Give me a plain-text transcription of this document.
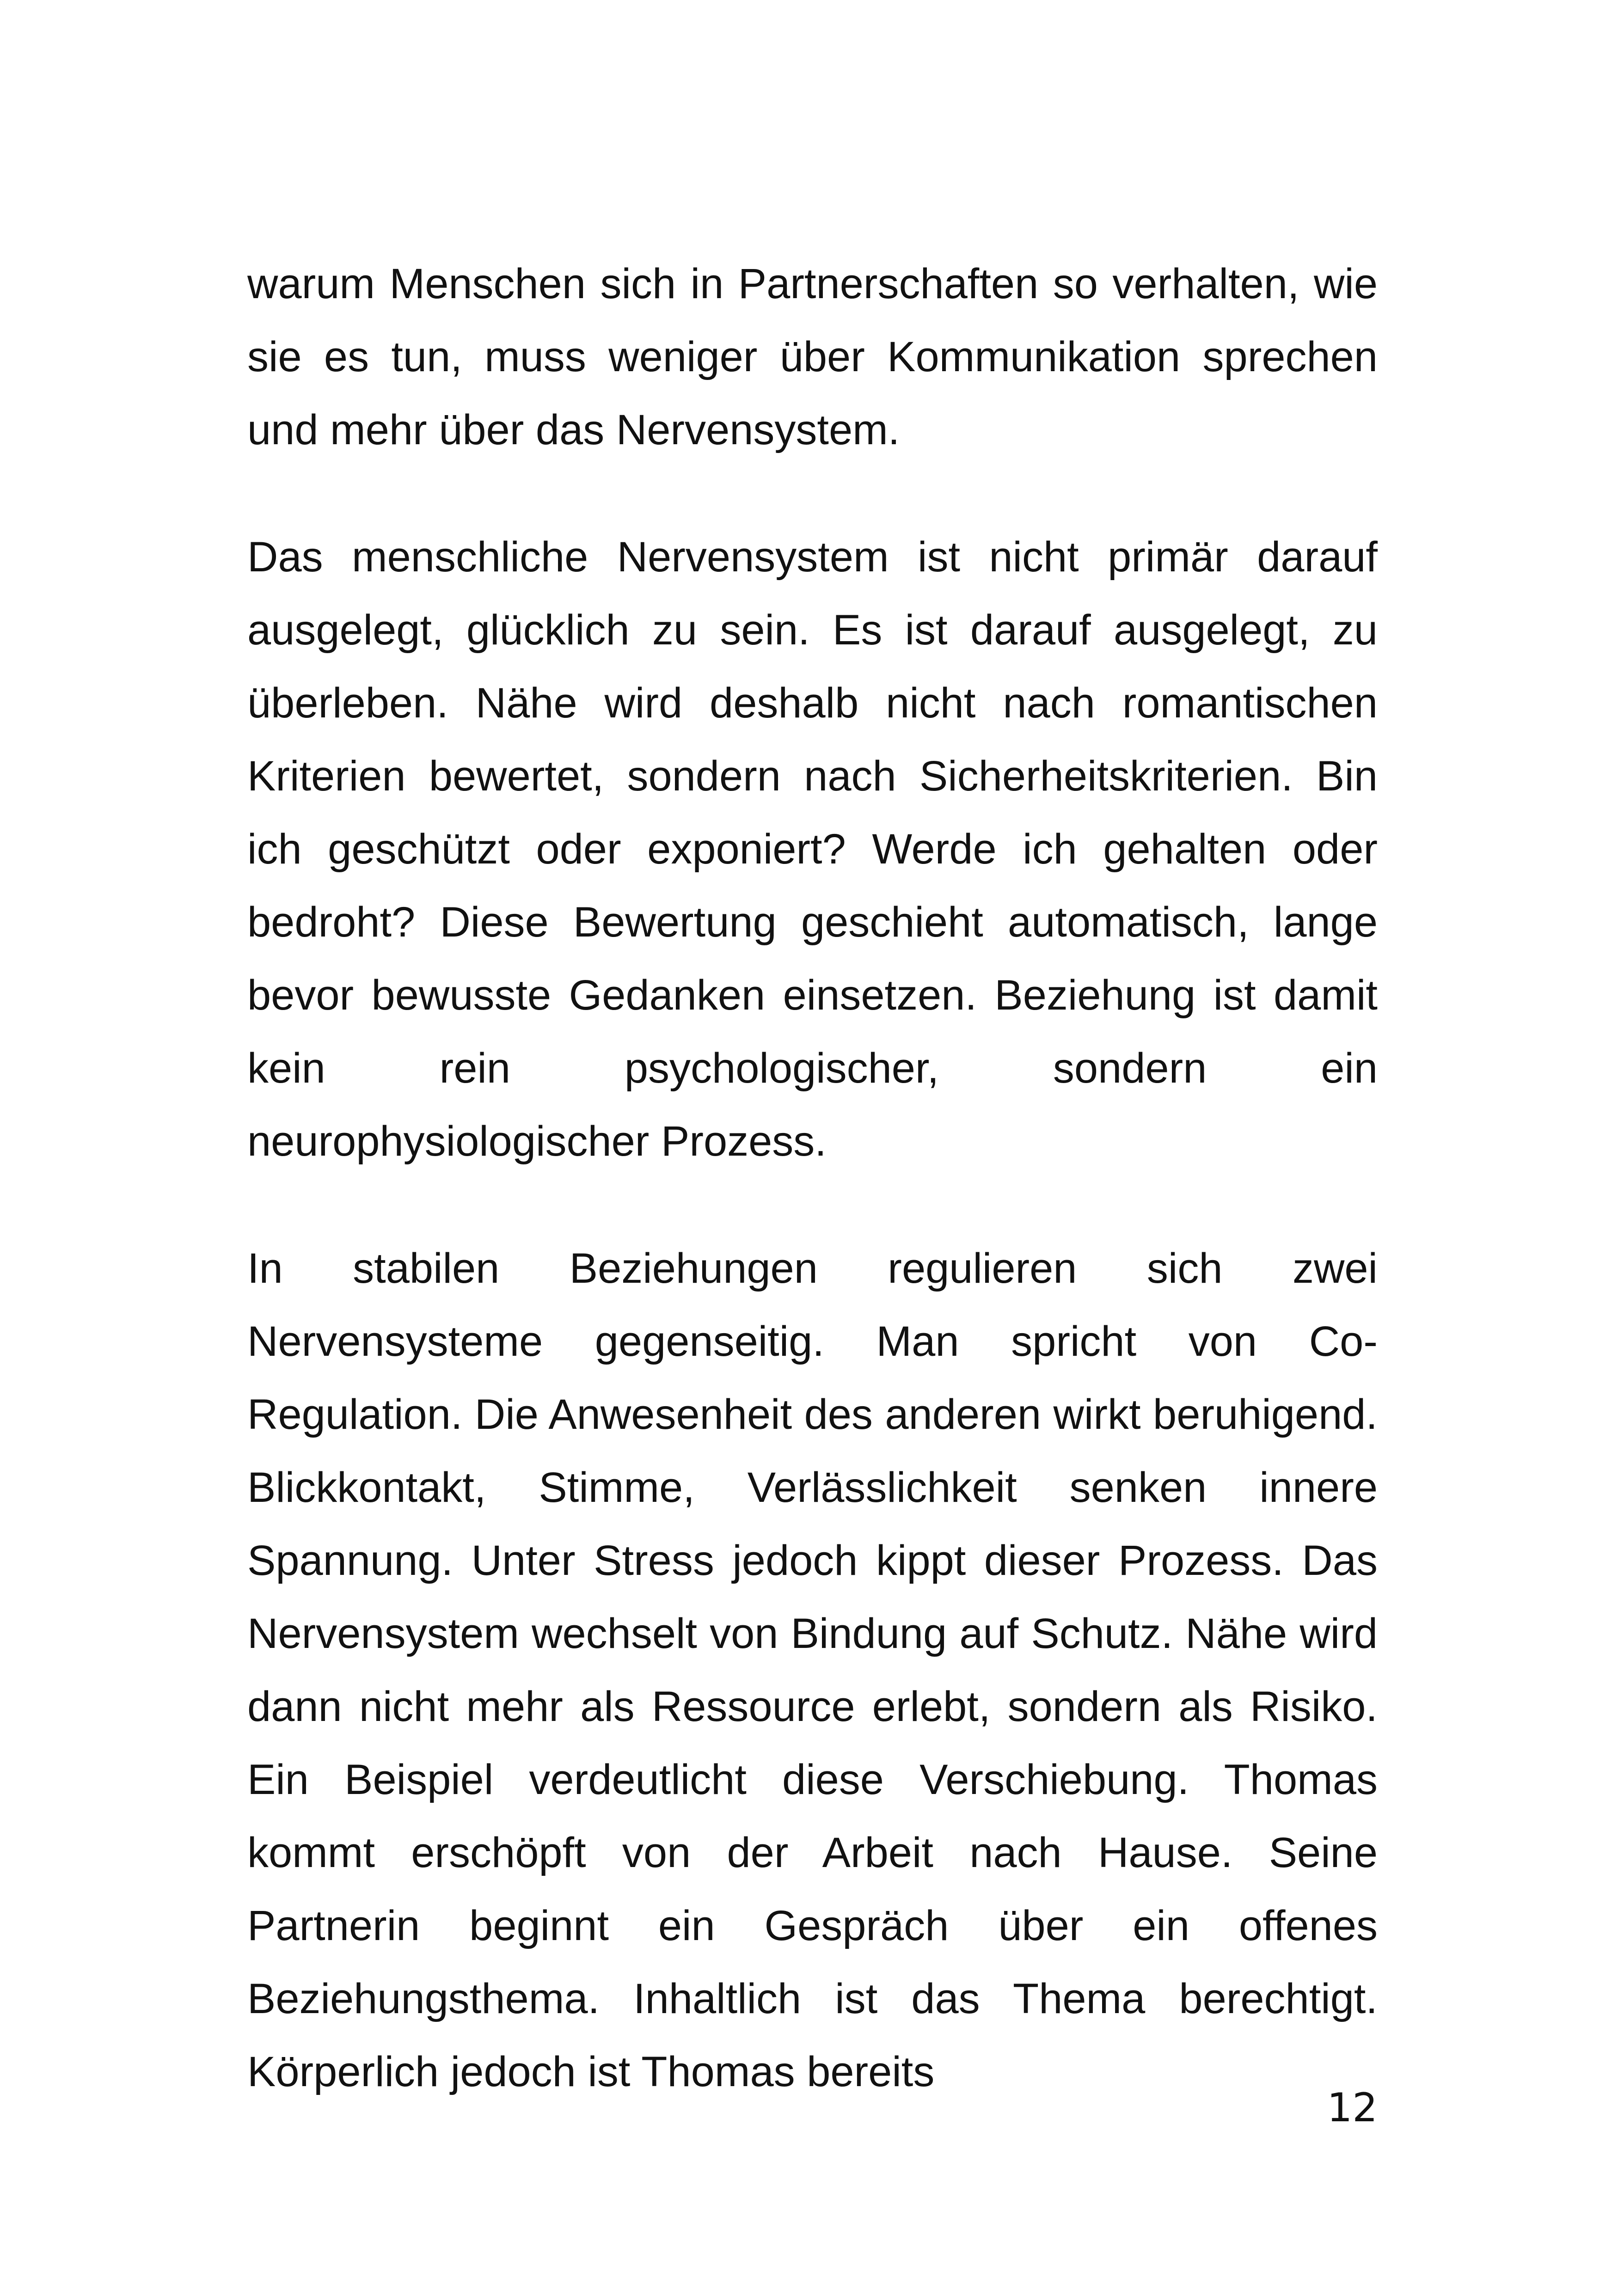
warum Menschen sich in Partnerschaften so verhalten, wie sie es tun, muss weniger über Kommunikation sprechen und mehr über das Nervensystem.

Das menschliche Nervensystem ist nicht primär darauf ausgelegt, glücklich zu sein. Es ist darauf ausgelegt, zu überleben. Nähe wird deshalb nicht nach romantischen Kriterien bewertet, sondern nach Sicherheitskriterien. Bin ich geschützt oder exponiert? Werde ich gehalten oder bedroht? Diese Bewertung geschieht automatisch, lange bevor bewusste Gedanken einsetzen. Beziehung ist damit kein rein psychologischer, sondern ein neurophysiologischer Prozess.

In stabilen Beziehungen regulieren sich zwei Nervensysteme gegenseitig. Man spricht von Co-Regulation. Die Anwesenheit des anderen wirkt beruhigend. Blickkontakt, Stimme, Verlässlichkeit senken innere Spannung. Unter Stress jedoch kippt dieser Prozess. Das Nervensystem wechselt von Bindung auf Schutz. Nähe wird dann nicht mehr als Ressource erlebt, sondern als Risiko. Ein Beispiel verdeutlicht diese Verschiebung. Thomas kommt erschöpft von der Arbeit nach Hause. Seine Partnerin beginnt ein Gespräch über ein offenes Beziehungsthema. Inhaltlich ist das Thema berechtigt. Körperlich jedoch ist Thomas bereits

12
